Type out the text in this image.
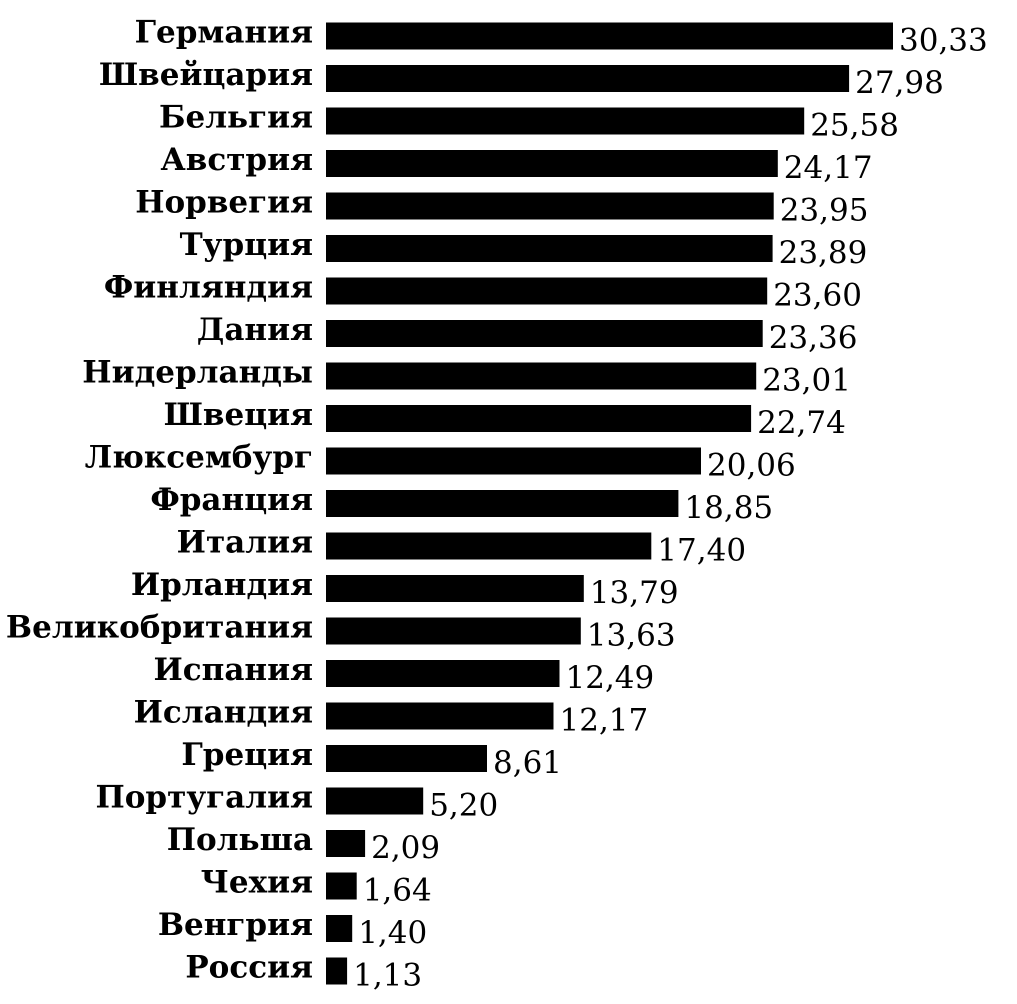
Германия
Швейцария
Бельгия
Австрия
Норвегия
Турция
Финляндия
Дания
Нидерланды
Швеция
Люксембург
Франция
Италия
Ирландия
Великобритания
Испания
Исландия
Греция
Португалия
Польша
Чехия
Венгрия
Россия
30,33
27,98
25,58
24,17
23,95
23,89
23,60
23,36
23,01
22,74
20,06
18,85
17,40
13,79
13,63
12,49
12,17
8,61
5,20
2,09
1,64
1,40
1,13
